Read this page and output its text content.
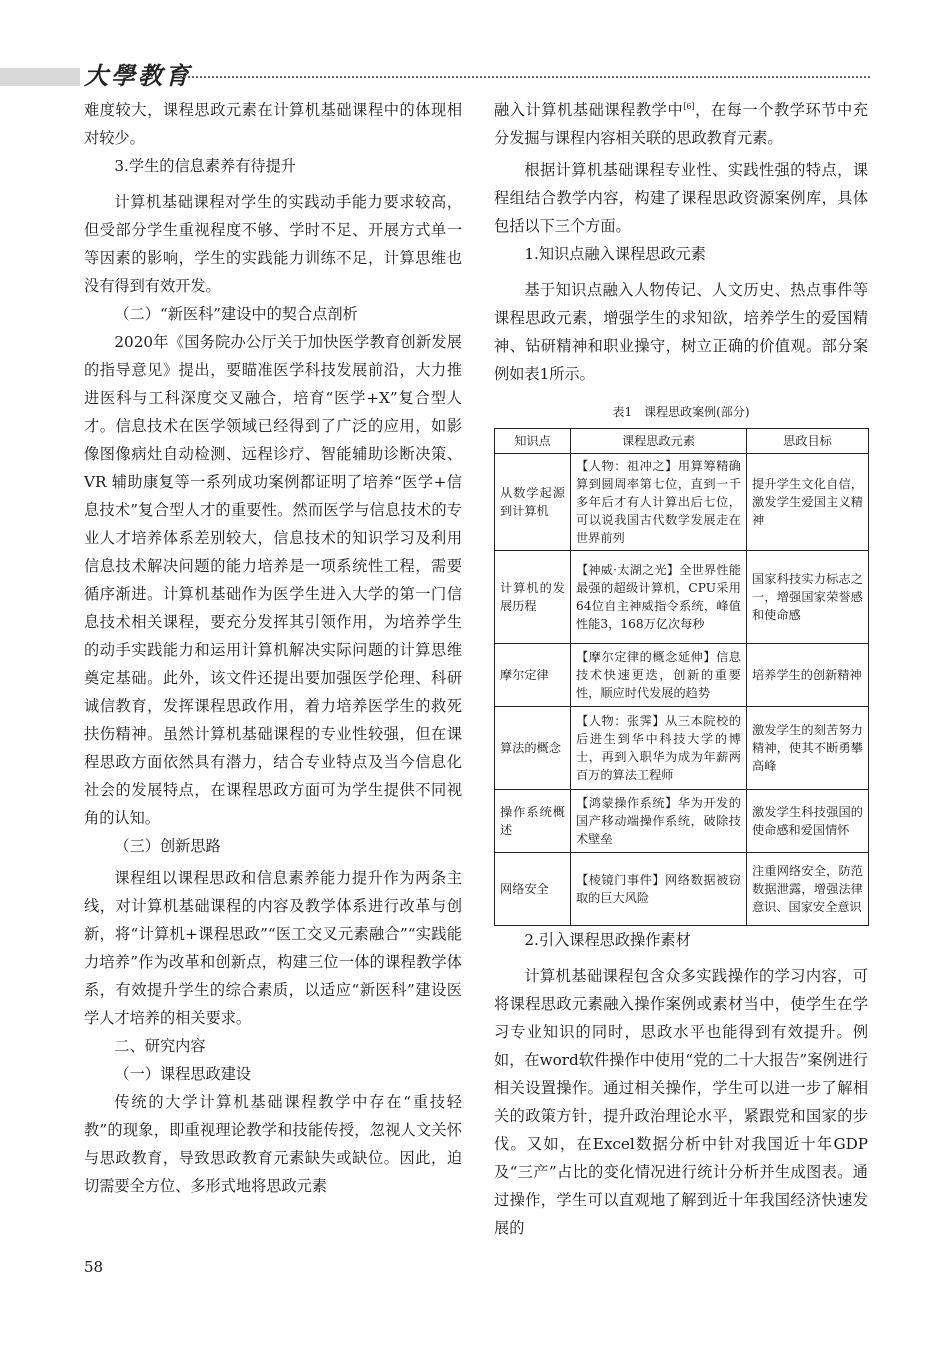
大學教育

难度较大，课程思政元素在计算机基础课程中的体现相对较少。

3.学生的信息素养有待提升

计算机基础课程对学生的实践动手能力要求较高，但受部分学生重视程度不够、学时不足、开展方式单一等因素的影响，学生的实践能力训练不足，计算思维也没有得到有效开发。

（二）“新医科”建设中的契合点剖析

2020年《国务院办公厅关于加快医学教育创新发展的指导意见》提出，要瞄准医学科技发展前沿，大力推进医科与工科深度交叉融合，培育“医学+X”复合型人才。信息技术在医学领域已经得到了广泛的应用，如影像图像病灶自动检测、远程诊疗、智能辅助诊断决策、VR 辅助康复等一系列成功案例都证明了培养“医学+信息技术”复合型人才的重要性。然而医学与信息技术的专业人才培养体系差别较大，信息技术的知识学习及利用信息技术解决问题的能力培养是一项系统性工程，需要循序渐进。计算机基础作为医学生进入大学的第一门信息技术相关课程，要充分发挥其引领作用，为培养学生的动手实践能力和运用计算机解决实际问题的计算思维奠定基础。此外，该文件还提出要加强医学伦理、科研诚信教育，发挥课程思政作用，着力培养医学生的救死扶伤精神。虽然计算机基础课程的专业性较强，但在课程思政方面依然具有潜力，结合专业特点及当今信息化社会的发展特点，在课程思政方面可为学生提供不同视角的认知。

（三）创新思路

课程组以课程思政和信息素养能力提升作为两条主线，对计算机基础课程的内容及教学体系进行改革与创新，将“计算机+课程思政”“医工交叉元素融合”“实践能力培养”作为改革和创新点，构建三位一体的课程教学体系，有效提升学生的综合素质，以适应“新医科”建设医学人才培养的相关要求。

二、研究内容

（一）课程思政建设

传统的大学计算机基础课程教学中存在“重技轻教”的现象，即重视理论教学和技能传授，忽视人文关怀与思政教育，导致思政教育元素缺失或缺位。因此，迫切需要全方位、多形式地将思政元素

融入计算机基础课程教学中[6]，在每一个教学环节中充分发掘与课程内容相关联的思政教育元素。

根据计算机基础课程专业性、实践性强的特点，课程组结合教学内容，构建了课程思政资源案例库，具体包括以下三个方面。

1.知识点融入课程思政元素

基于知识点融入人物传记、人文历史、热点事件等课程思政元素，增强学生的求知欲，培养学生的爱国精神、钻研精神和职业操守，树立正确的价值观。部分案例如表1所示。

表1　课程思政案例(部分)
知识点	课程思政元素	思政目标
从数学起源到计算机	【人物：祖冲之】用算筹精确算到圆周率第七位，直到一千多年后才有人计算出后七位，可以说我国古代数学发展走在世界前列	提升学生文化自信，激发学生爱国主义精神
计算机的发展历程	【神威·太湖之光】全世界性能最强的超级计算机，CPU采用64位自主神威指令系统，峰值性能3，168万亿次每秒	国家科技实力标志之一，增强国家荣誉感和使命感
摩尔定律	【摩尔定律的概念延伸】信息技术快速更迭，创新的重要性，顺应时代发展的趋势	培养学生的创新精神
算法的概念	【人物：张霁】从三本院校的后进生到华中科技大学的博士，再到入职华为成为年薪两百万的算法工程师	激发学生的刻苦努力精神，使其不断勇攀高峰
操作系统概述	【鸿蒙操作系统】华为开发的国产移动端操作系统，破除技术壁垒	激发学生科技强国的使命感和爱国情怀
网络安全	【棱镜门事件】网络数据被窃取的巨大风险	注重网络安全，防范数据泄露，增强法律意识、国家安全意识

2.引入课程思政操作素材

计算机基础课程包含众多实践操作的学习内容，可将课程思政元素融入操作案例或素材当中，使学生在学习专业知识的同时，思政水平也能得到有效提升。例如，在word软件操作中使用“党的二十大报告”案例进行相关设置操作。通过相关操作，学生可以进一步了解相关的政策方针，提升政治理论水平，紧跟党和国家的步伐。又如，在Excel数据分析中针对我国近十年GDP 及“三产”占比的变化情况进行统计分析并生成图表。通过操作，学生可以直观地了解到近十年我国经济快速发展的

58
